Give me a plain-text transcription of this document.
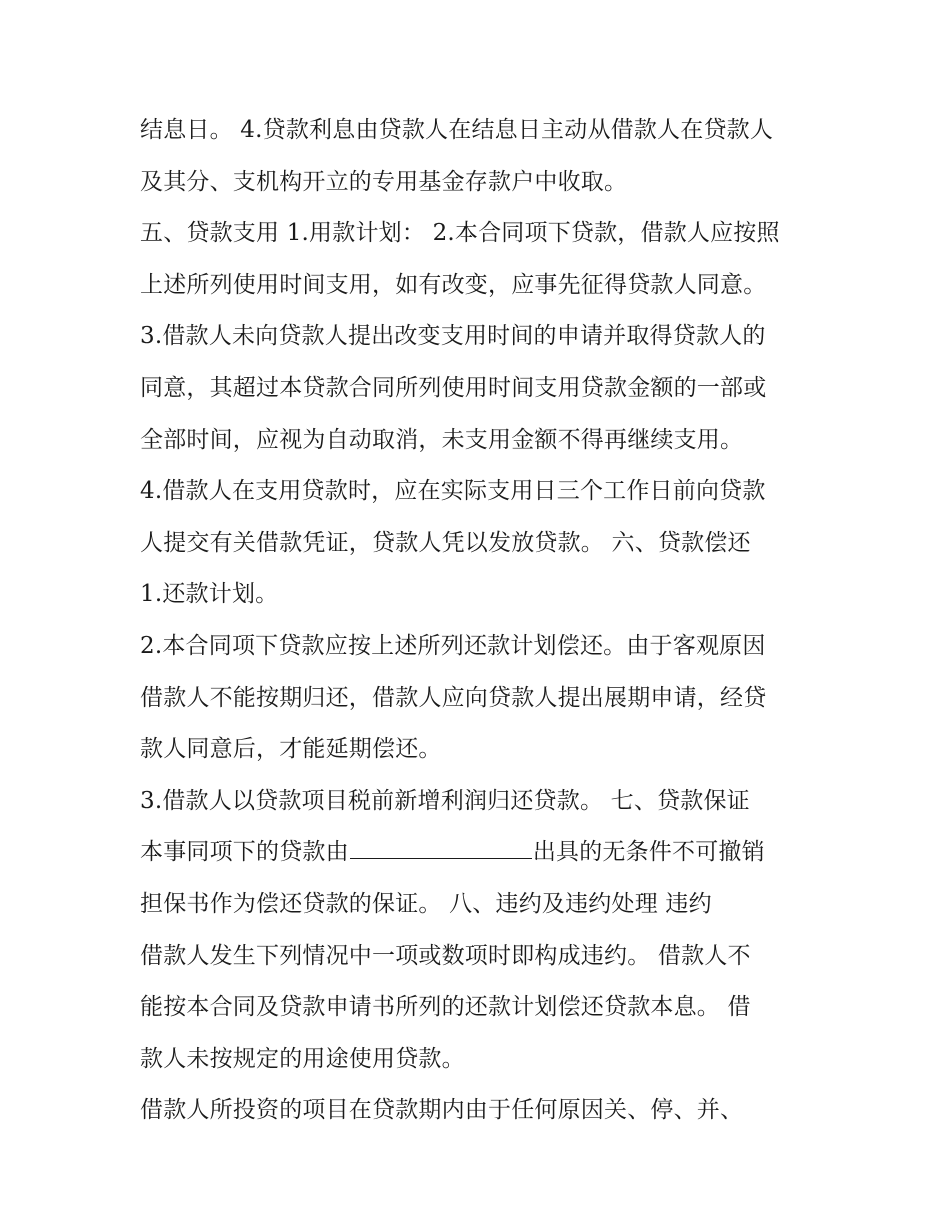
结息日。 4.贷款利息由贷款人在结息日主动从借款人在贷款人
及其分、支机构开立的专用基金存款户中收取。
五、贷款支用 1.用款计划： 2.本合同项下贷款，借款人应按照
上述所列使用时间支用，如有改变，应事先征得贷款人同意。
3.借款人未向贷款人提出改变支用时间的申请并取得贷款人的
同意，其超过本贷款合同所列使用时间支用贷款金额的一部或
全部时间，应视为自动取消，未支用金额不得再继续支用。
4.借款人在支用贷款时，应在实际支用日三个工作日前向贷款
人提交有关借款凭证，贷款人凭以发放贷款。 六、贷款偿还
1.还款计划。
2.本合同项下贷款应按上述所列还款计划偿还。由于客观原因
借款人不能按期归还，借款人应向贷款人提出展期申请，经贷
款人同意后，才能延期偿还。
3.借款人以贷款项目税前新增利润归还贷款。 七、贷款保证
本事同项下的贷款由	出具的无条件不可撤销
担保书作为偿还贷款的保证。 八、违约及违约处理 违约
借款人发生下列情况中一项或数项时即构成违约。 借款人不
能按本合同及贷款申请书所列的还款计划偿还贷款本息。 借
款人未按规定的用途使用贷款。
借款人所投资的项目在贷款期内由于任何原因关、停、并、
